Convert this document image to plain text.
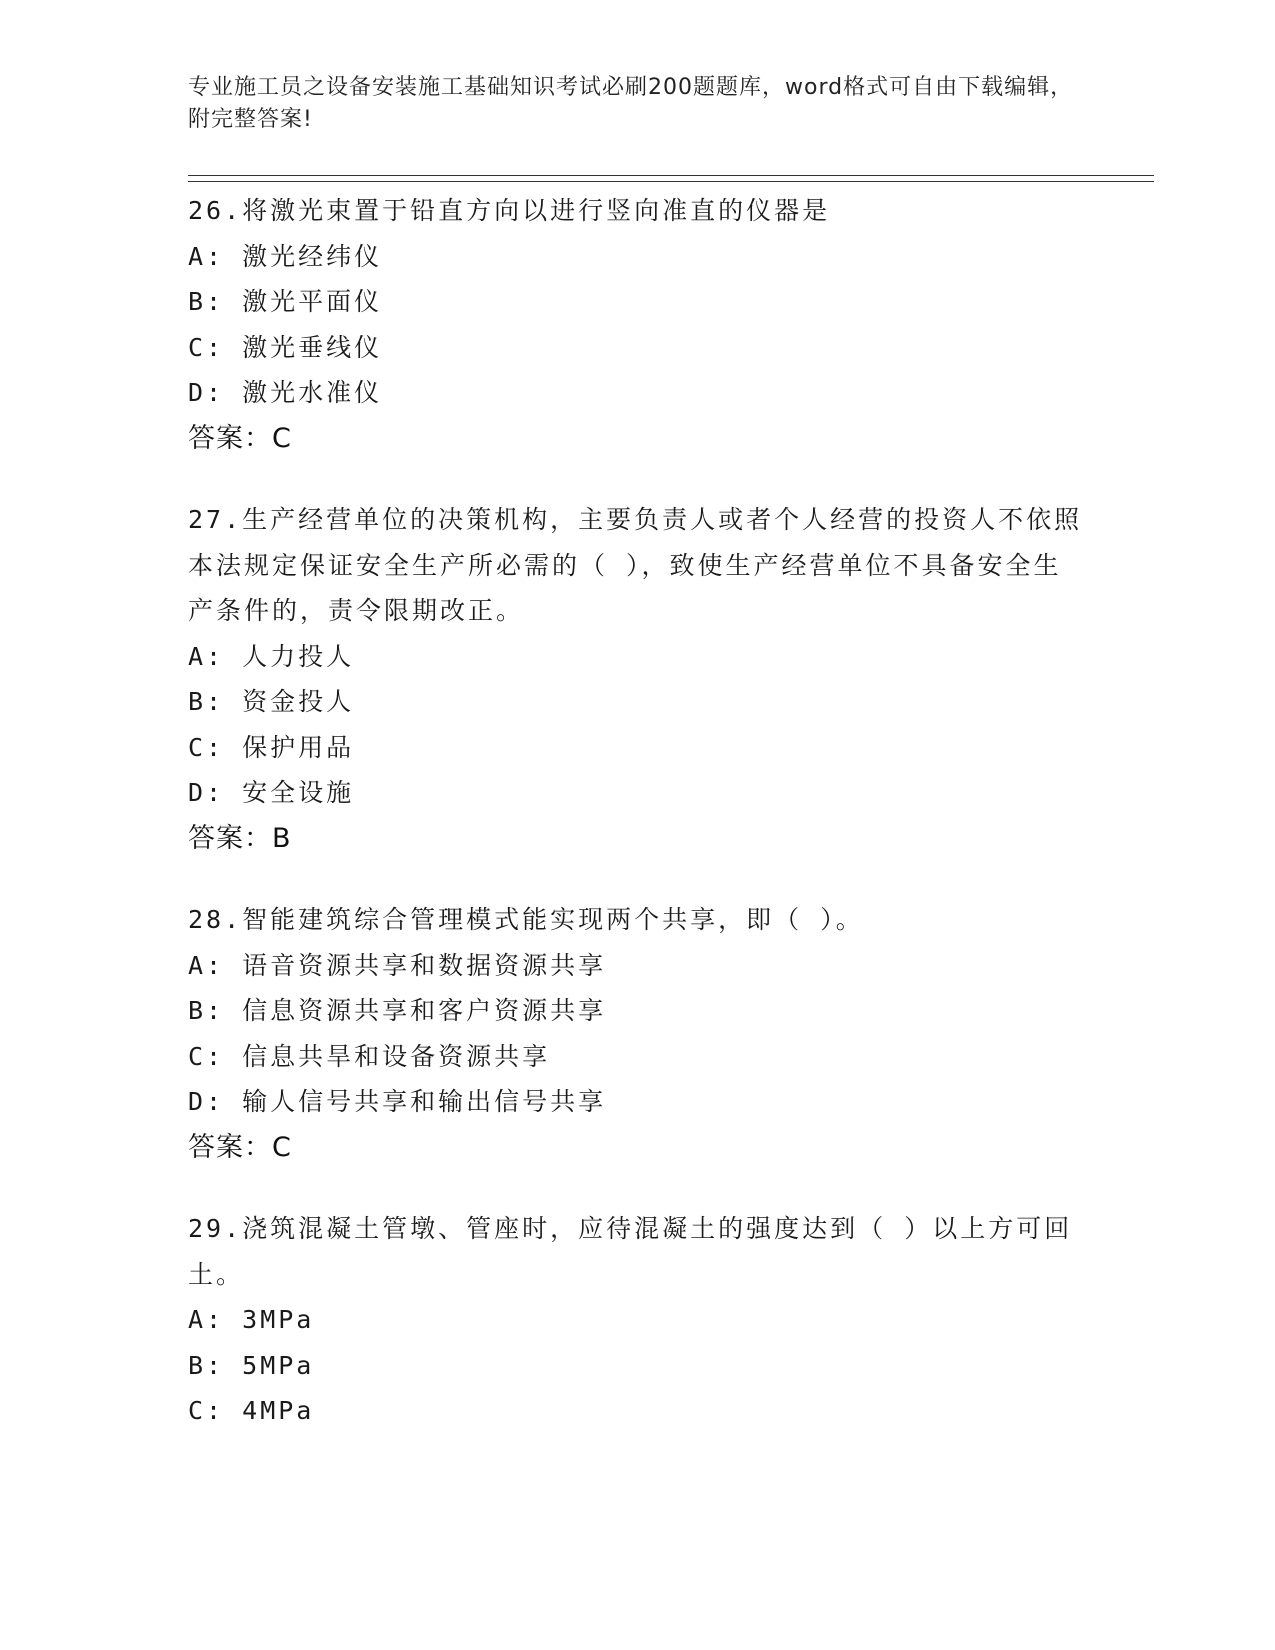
专业施工员之设备安装施工基础知识考试必刷200题题库，word格式可自由下载编辑，附完整答案!
26.将激光束置于铅直方向以进行竖向准直的仪器是
A: 激光经纬仪
B: 激光平面仪
C: 激光垂线仪
D: 激光水准仪
答案：C
27.生产经营单位的决策机构，主要负责人或者个人经营的投资人不依照本法规定保证安全生产所必需的（ ），致使生产经营单位不具备安全生产条件的，责令限期改正。
A: 人力投人
B: 资金投人
C: 保护用品
D: 安全设施
答案：B
28.智能建筑综合管理模式能实现两个共享，即（ ）。
A: 语音资源共享和数据资源共享
B: 信息资源共享和客户资源共享
C: 信息共旱和设备资源共享
D: 输人信号共享和输出信号共享
答案：C
29.浇筑混凝土管墩、管座时，应待混凝土的强度达到（ ）以上方可回土。
A: 3MPa
B: 5MPa
C: 4MPa
